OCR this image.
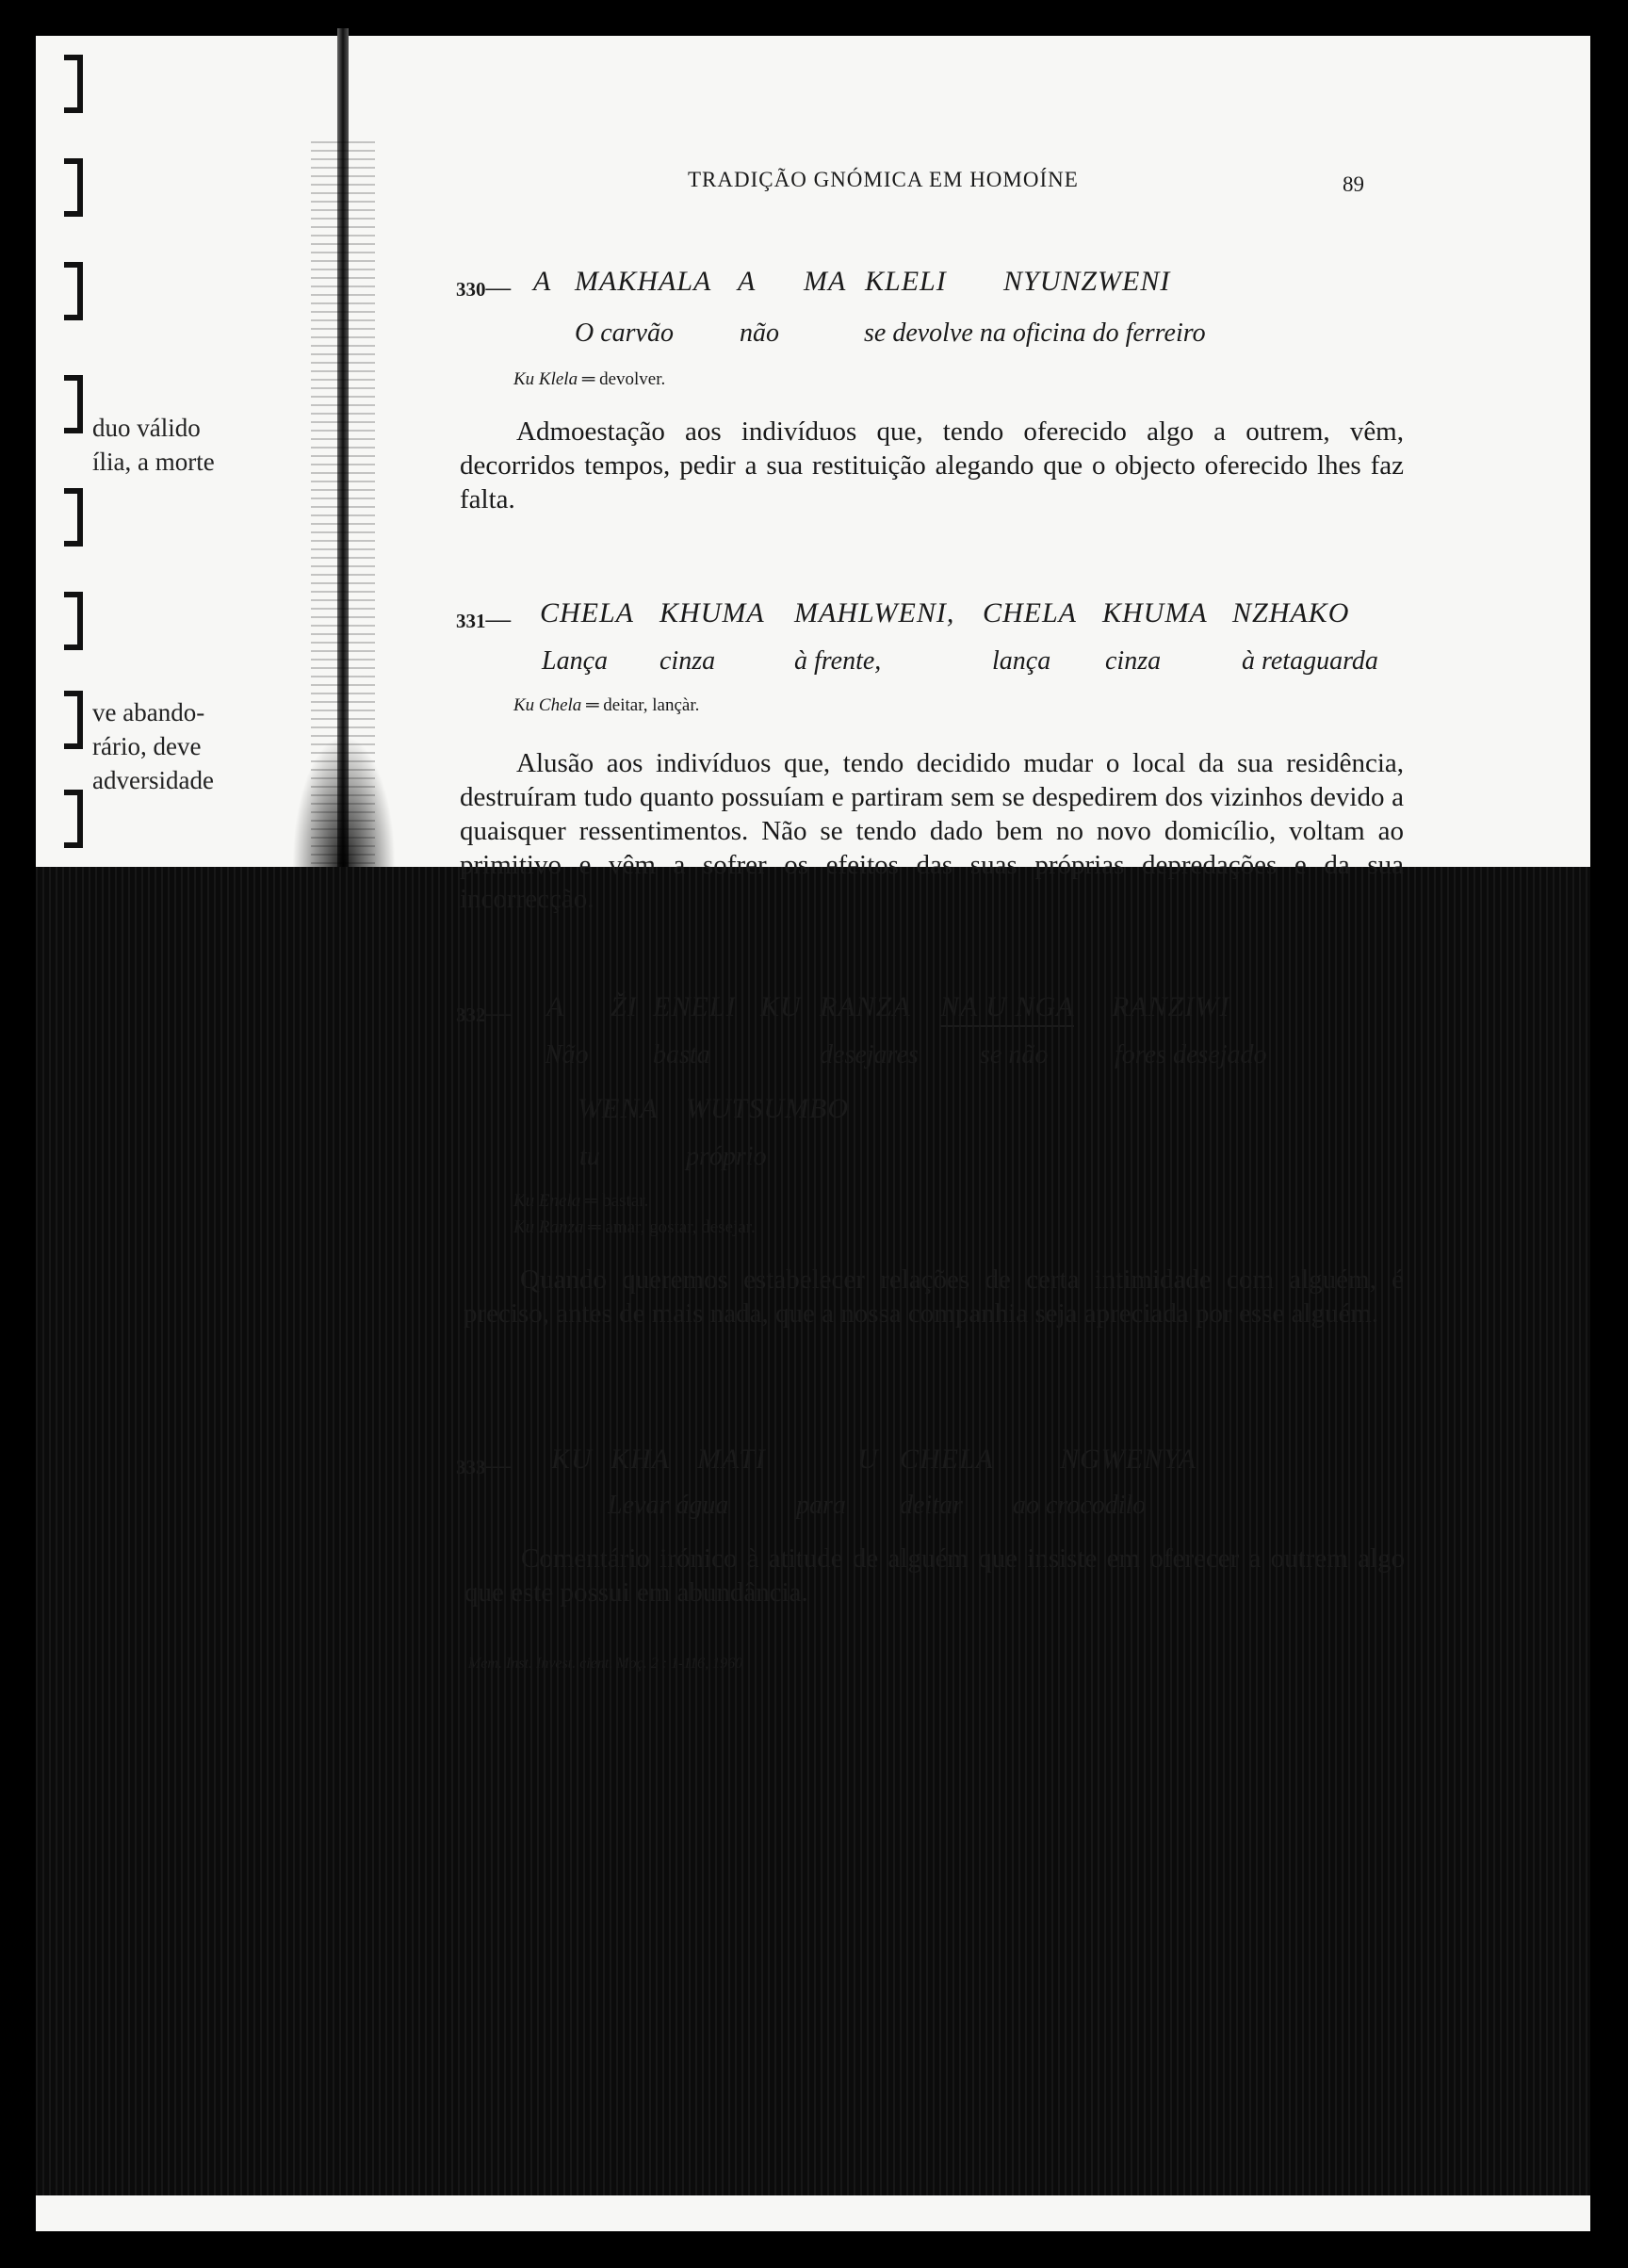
duo válido
ília, a morte
ve abando-
rário, deve
adversidade
TRADIÇÃO GNÓMICA EM HOMOÍNE	89
330— A MAKHALA A MA KLELI NYUNZWENI
O carvão	não	se devolve na oficina do ferreiro
Ku Klela ═ devolver.

Admoestação aos indivíduos que, tendo oferecido algo a outrem, vêm, decorridos tempos, pedir a sua restituição alegando que o objecto oferecido lhes faz falta.

331— CHELA KHUMA MAHLWENI, CHELA KHUMA NZHAKO
Lança cinza	à frente,	lança cinza	à retaguarda
Ku Chela ═ deitar, lançàr.

Alusão aos indivíduos que, tendo decidido mudar o local da sua residência, destruíram tudo quanto possuíam e partiram sem se despedirem dos vizinhos devido a quaisquer ressentimentos. Não se tendo dado bem no novo domicílio, voltam ao primitivo e vêm a sofrer os efeitos das suas próprias depredações e da sua incorrecção.

332— A ŽI ENELI KU RANZA NA U NGA RANZIWI
Não basta	desejares se não	fores desejado
WENA WUTSUMBO
tu	próprio
Ku Enela ═ bastar.
Ku Ranza ═ amar, gostar, desejar.

Quando queremos estabelecer relações de certa intimidade com alguém, é preciso, antes de mais nada, que a nossa companhia seja apreciada por esse alguém.

333— KU KHA MATI	U CHELA NGWENYA
Levar água	para deitar ao crocodilo

Comentário irónico à atitude de alguém que insiste em oferecer a outrem algo que este possui em abundância.

Mem. Inst. Invest. cient. Moç. 2 : 1-116, 1960
